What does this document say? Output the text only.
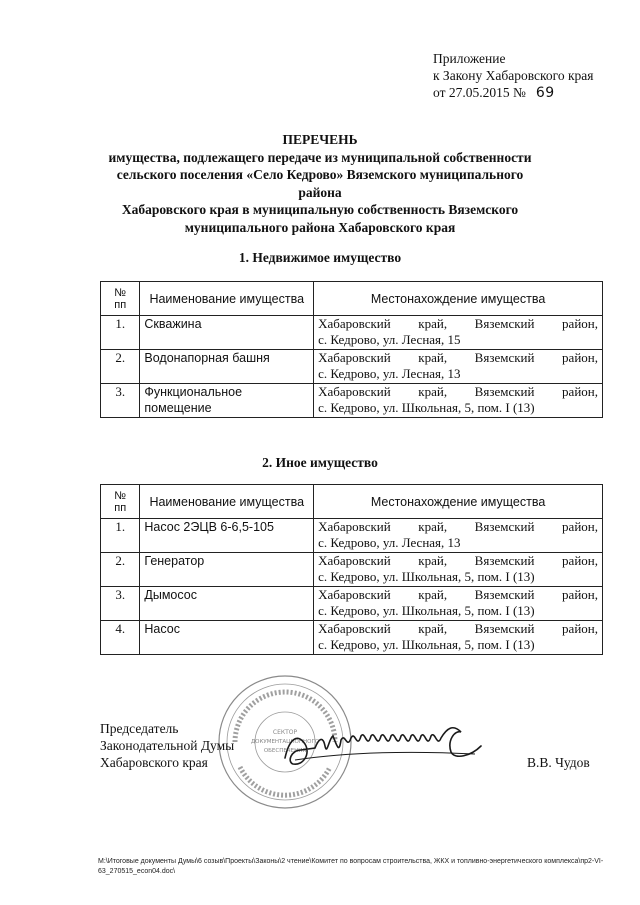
Приложение
к Закону Хабаровского края
от 27.05.2015 № 69
ПЕРЕЧЕНЬ
имущества, подлежащего передаче из муниципальной собственности
сельского поселения «Село Кедрово» Вяземского муниципального района
Хабаровского края в муниципальную собственность Вяземского
муниципального района Хабаровского края
1. Недвижимое имущество
№
пп	Наименование имущества	Местонахождение имущества
1.	Скважина	Хабаровский край, Вяземский район,
с. Кедрово, ул. Лесная, 15

2.	Водонапорная башня	Хабаровский край, Вяземский район,
с. Кедрово, ул. Лесная, 13

3.	Функциональное помещение	Хабаровский край, Вяземский район,
с. Кедрово, ул. Школьная, 5, пом. I (13)
2. Иное имущество
№
пп	Наименование имущества	Местонахождение имущества
1.	Насос 2ЭЦВ 6-6,5-105	Хабаровский край, Вяземский район,
с. Кедрово, ул. Лесная, 13

2.	Генератор	Хабаровский край, Вяземский район,
с. Кедрово, ул. Школьная, 5, пом. I (13)

3.	Дымосос	Хабаровский край, Вяземский район,
с. Кедрово, ул. Школьная, 5, пом. I (13)

4.	Насос	Хабаровский край, Вяземский район,
с. Кедрово, ул. Школьная, 5, пом. I (13)
СЕКТОР
ДОКУМЕНТАЦИОННОГО
ОБЕСПЕЧЕНИЯ
Председатель
Законодательной Думы
Хабаровского края	В.В. Чудов
M:\Итоговые документы Думы\6 созыв\Проекты\Законы\2 чтение\Комитет по вопросам строительства, ЖКХ и топливно-энергетического комплекса\пр2-VI-63_270515_econ04.doc\
